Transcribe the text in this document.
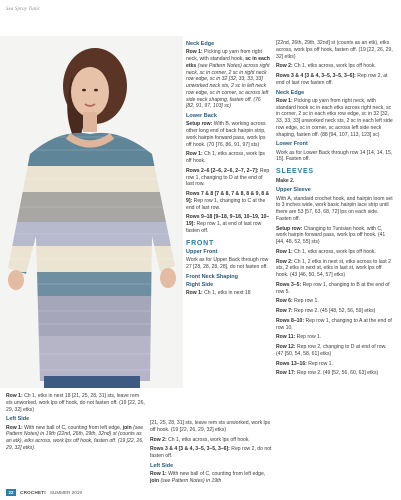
Sea Spray Tunic

Neck Edge

Row 1: Picking up yarn from right neck, with standard hook, sc in each etks (see Pattern Notes) across right neck, sc in corner, 2 sc in right neck row edge, sc in 32 [32, 33, 33, 33] unworked neck sts, 2 sc in left neck row edge, sc in corner, sc across left side neck shaping, fasten off. (76 [82, 91, 97, 103] sc)

Lower Back

Setup row: With B, working across other long end of back hairpin strip, work hairpin forward pass, work lps off hook. (70 [76, 86, 91, 97] sts)

Row 1: Ch 1, etks across, work lps off hook.

Rows 2–6 [2–6, 2–6, 2–7, 2–7]: Rep row 1, changing to D at the end of last row.

Rows 7 & 8 [7 & 8, 7 & 8, 8 & 9, 8 & 9]: Rep row 1, changing to C at the end of last row.

Rows 9–18 [9–18, 9–18, 10–19, 10–19]: Rep row 1, at end of last row fasten off.

FRONT

Upper Front

Work as for Upper Back through row 27 [28, 28, 28, 28], do not fasten off.

Front Neck Shaping

Right Side

Row 1: Ch 1, etks in next 18

[22nd, 26th, 29th, 32nd] st (counts as an etk), etks across, work lps off hook, fasten off. (19 [22, 26, 29, 32] etks)

Row 2: Ch 1, etks across, work lps off hook.

Rows 3 & 4 [3 & 4, 3–5, 3–5, 3–6]: Rep row 2, at end of last row fasten off.

Neck Edge

Row 1: Picking up yarn from right neck, with standard hook sc in each etks across right neck, sc in corner, 2 sc in each etks row edge, sc in 32 [32, 33, 33, 33] unworked neck sts, 2 sc in each left side row edge, sc in corner, sc across left side neck shaping, fasten off. (88 [94, 107, 113, 123] sc)

Lower Front

Work as for Lower Back through row 14 [14, 14, 15, 15]. Fasten off.

SLEEVES

Make 2.

Upper Sleeve

With A, standard crochet hook, and hairpin loom set to 3 inches wide, work basic hairpin lace strip until there are 53 [57, 63, 68, 72] lps on each side. Fasten off.

Setup row: Changing to Tunisian hook, with C, work hairpin forward pass, work lps off hook. (41 [44, 48, 52, 55] sts)

Row 1: Ch 1, etks across, work lps off hook.

Row 2: Ch 1, 2 etks in next st, etks across to last 2 sts, 2 etks in next st, etks in last st, work lps off hook. (43 [46, 50, 54, 57] etks)

Rows 3–5: Rep row 1, changing to B at the end of row 5.

Row 6: Rep row 1.

Row 7: Rep row 2. (45 [48, 52, 56, 59] etks)

Rows 8–10: Rep row 1, changing to A at the end of row 10.

Row 11: Rep row 1.

Row 12: Rep row 2, changing to D at end of row. (47 [50, 54, 58, 61] etks)

Rows 13–16: Rep row 1.

Row 17: Rep row 2. (49 [52, 56, 60, 63] etks)

Row 1: Ch 1, etks in next 18 [21, 25, 28, 31] sts, leave rem sts unworked, work lps off hook, do not fasten off. (19 [22, 26, 29, 32] etks)

Left Side

Row 1: With new ball of C, counting from left edge, join (see Pattern Notes) in 19th (22nd, 26th, 29th, 32nd) st (counts as an etk), etks across, work lps off hook, fasten off. (19 [22, 26, 29, 32] etks)

[21, 25, 28, 31] sts, leave rem sts unworked, work lps off hook. (19 [22, 26, 29, 32] etks)

Row 2: Ch 1, etks across, work lps off hook.

Rows 3 & 4 [3 & 4, 3–5, 3–5, 3–6]: Rep row 2, do not fasten off.

Left Side

Row 1: With new ball of C, counting from left edge, join (see Pattern Notes) in 19th

22	CROCHET! SUMMER 2019
